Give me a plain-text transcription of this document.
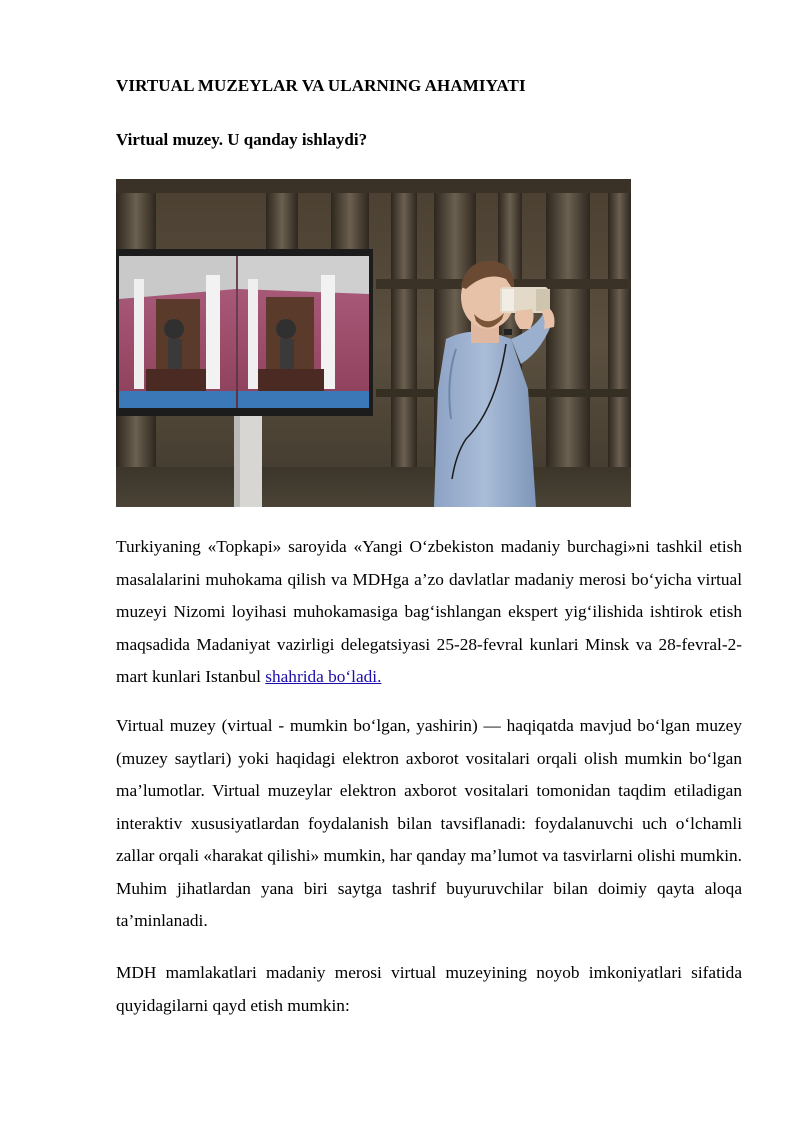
VIRTUAL MUZEYLAR VA ULARNING AHAMIYATI
Virtual muzey. U qanday ishlaydi?

Turkiyaning «Topkapi» saroyida «Yangi O‘zbekiston madaniy burchagi»ni tashkil etish masalalarini muhokama qilish va MDHga a’zo davlatlar madaniy merosi bo‘yicha virtual muzeyi Nizomi loyihasi muhokamasiga bag‘ishlangan ekspert yig‘ilishida ishtirok etish maqsadida Madaniyat vazirligi delegatsiyasi 25-28-fevral kunlari Minsk va 28-fevral-2-mart kunlari Istanbul shahrida bo‘ladi.

Virtual muzey (virtual - mumkin bo‘lgan, yashirin) — haqiqatda mavjud bo‘lgan muzey (muzey saytlari) yoki haqidagi elektron axborot vositalari orqali olish mumkin bo‘lgan ma’lumotlar. Virtual muzeylar elektron axborot vositalari tomonidan taqdim etiladigan interaktiv xususiyatlardan foydalanish bilan tavsiflanadi: foydalanuvchi uch o‘lchamli zallar orqali «harakat qilishi» mumkin, har qanday ma’lumot va tasvirlarni olishi mumkin. Muhim jihatlardan yana biri saytga tashrif buyuruvchilar bilan doimiy qayta aloqa ta’minlanadi.

MDH mamlakatlari madaniy merosi virtual muzeyining noyob imkoniyatlari sifatida quyidagilarni qayd etish mumkin:
